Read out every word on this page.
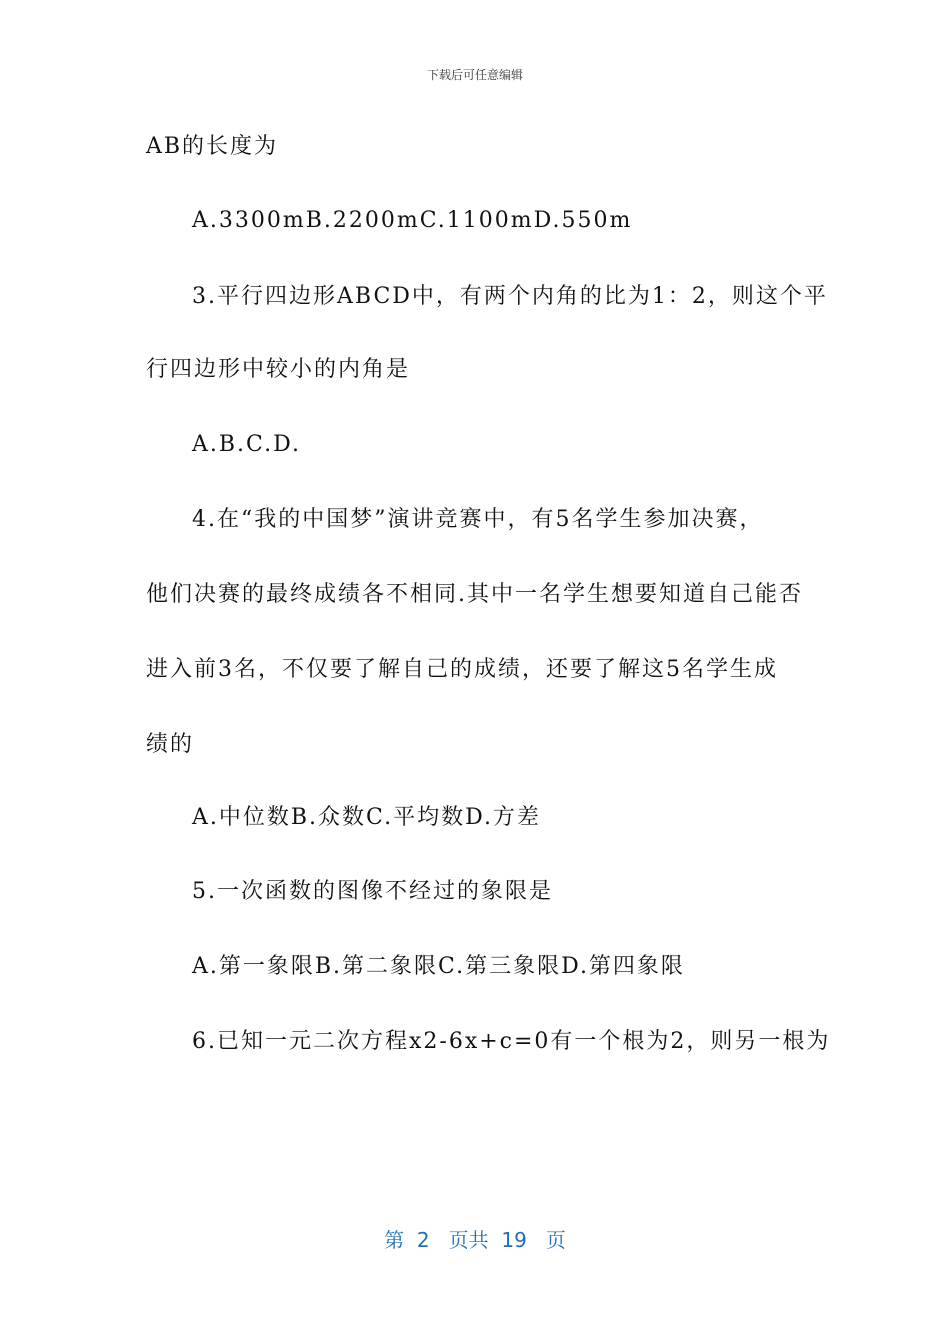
下载后可任意编辑
AB的长度为
A.3300mB.2200mC.1100mD.550m
3.平行四边形ABCD中，有两个内角的比为1：2，则这个平
行四边形中较小的内角是
A.B.C.D.
4.在“我的中国梦”演讲竞赛中，有5名学生参加决赛，
他们决赛的最终成绩各不相同.其中一名学生想要知道自己能否
进入前3名，不仅要了解自己的成绩，还要了解这5名学生成
绩的
A.中位数B.众数C.平均数D.方差
5.一次函数的图像不经过的象限是
A.第一象限B.第二象限C.第三象限D.第四象限
6.已知一元二次方程x2-6x+c=0有一个根为2，则另一根为
第  2   页共  19   页
